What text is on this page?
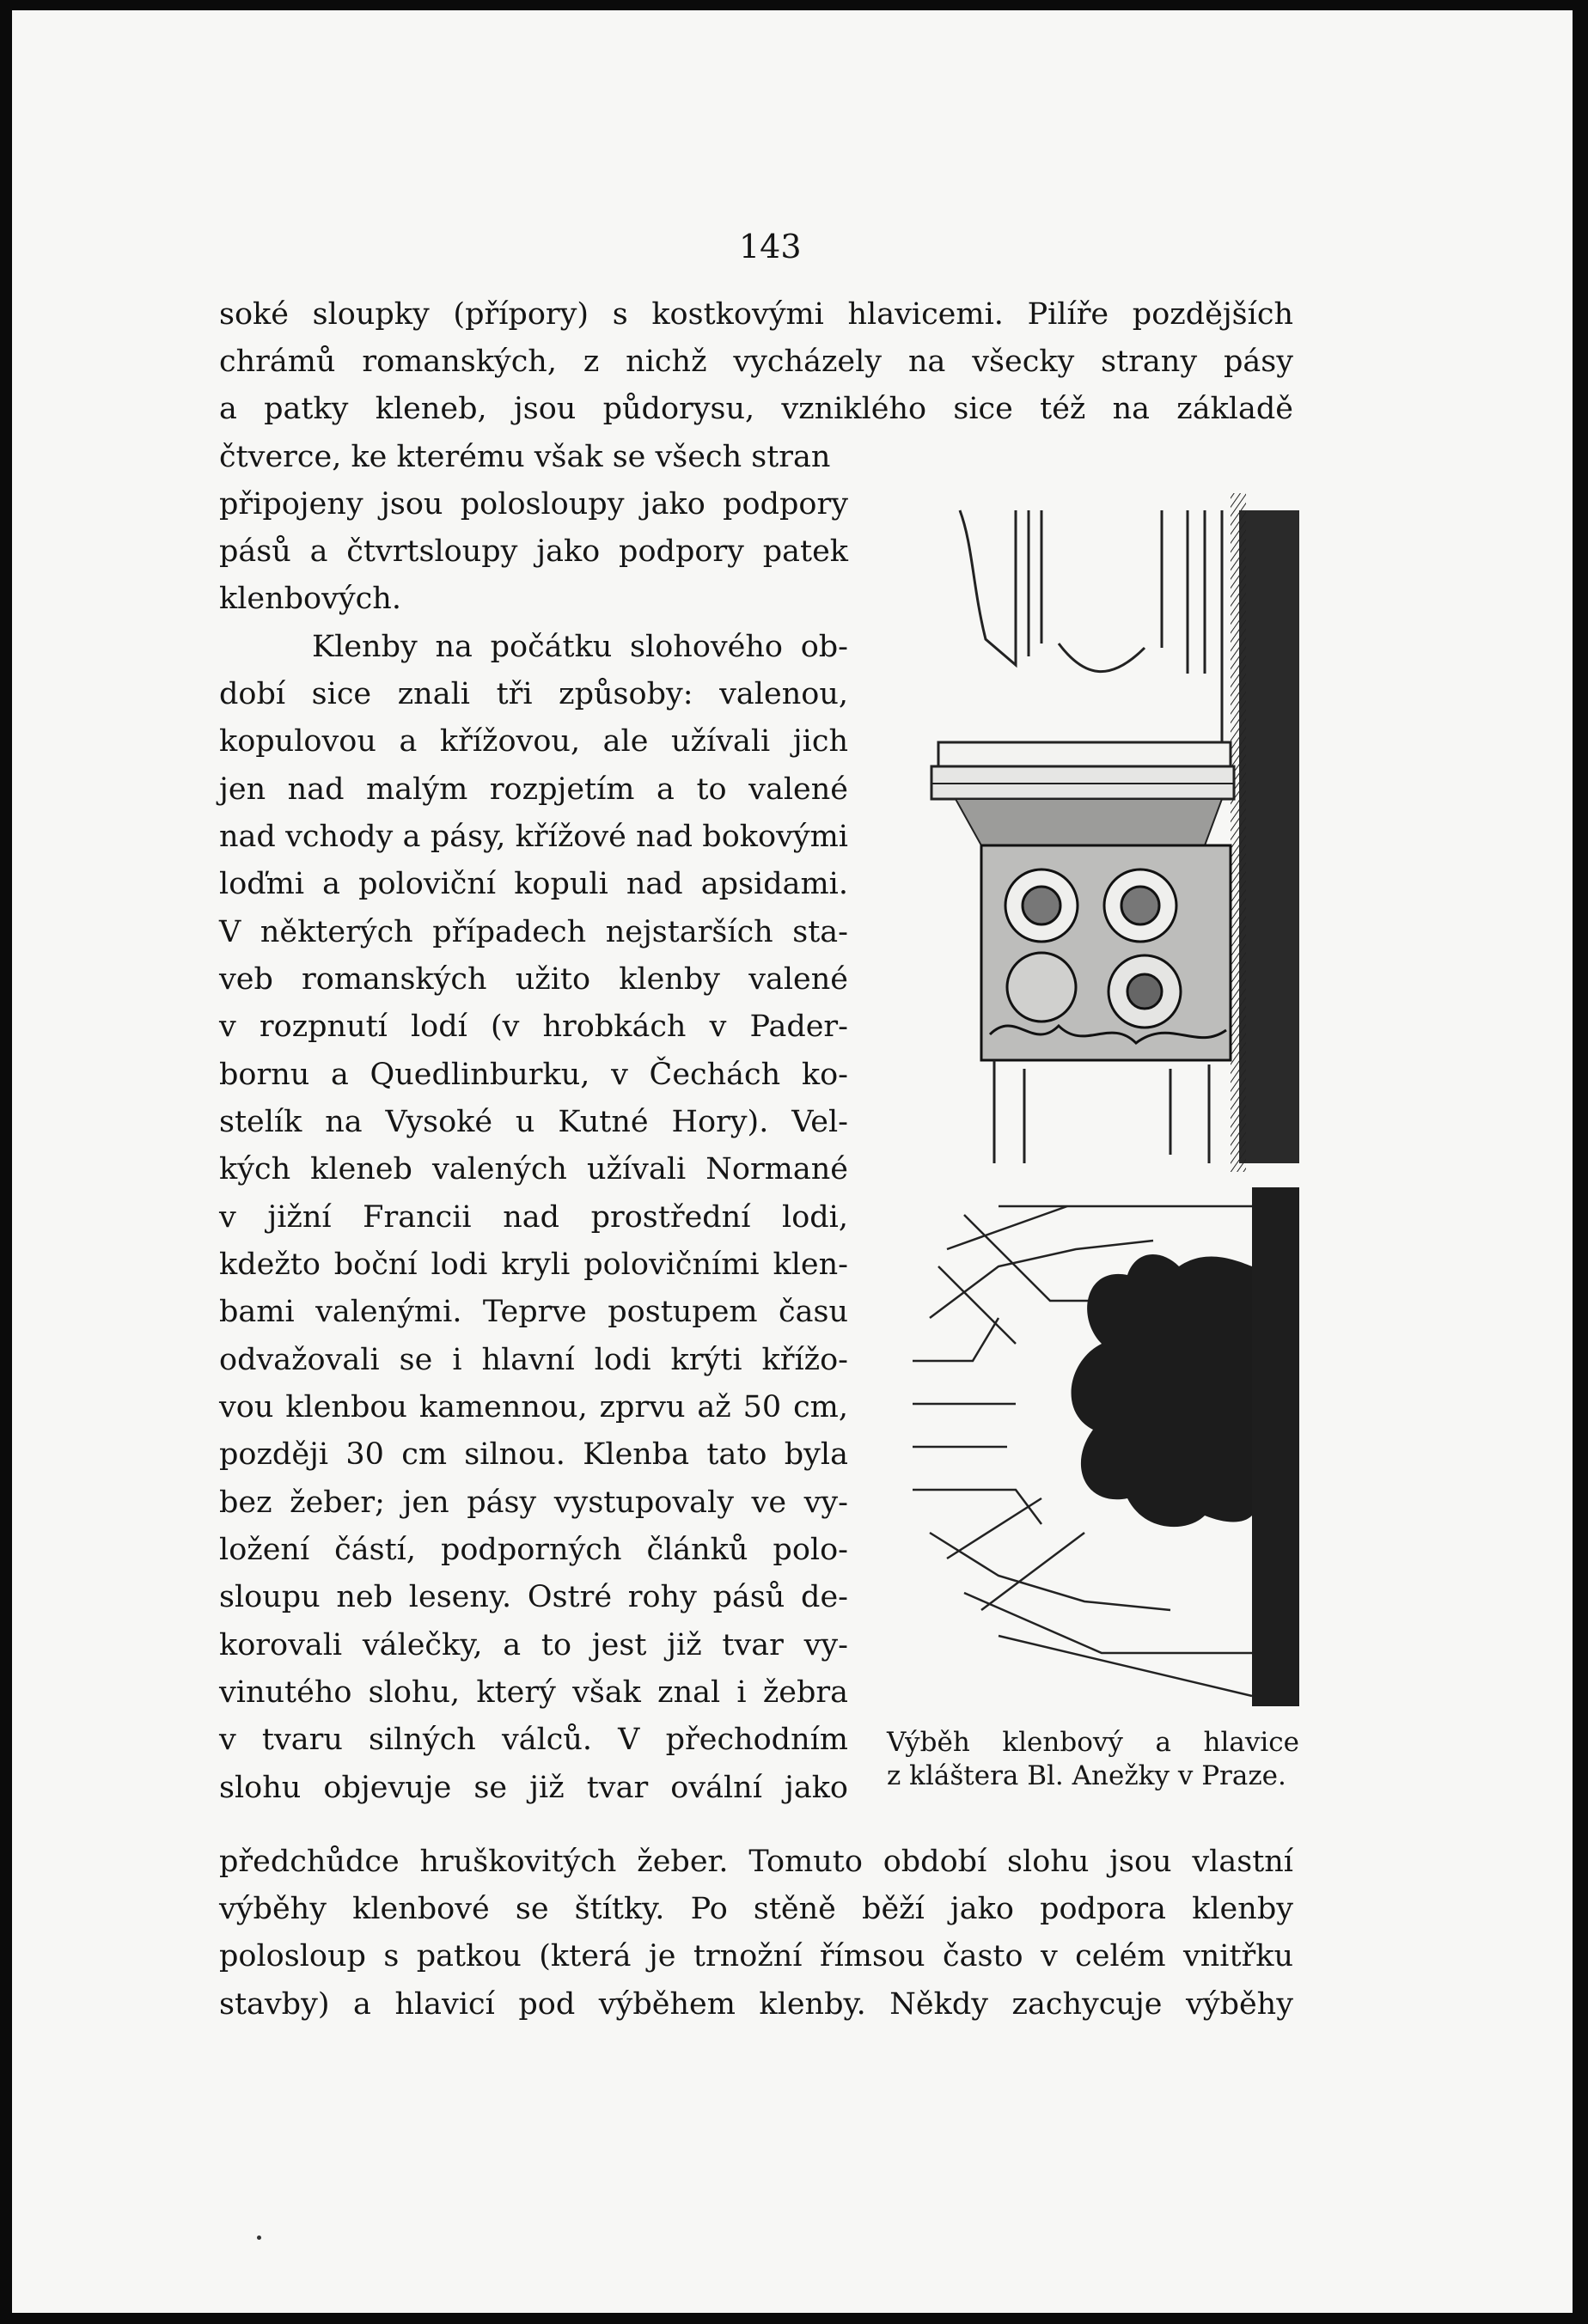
143
soké sloupky (přípory) s kostkovými hlavicemi. Pilíře pozdějších
chrámů romanských, z nichž vycházely na všecky strany pásy
a patky kleneb, jsou půdorysu, vzniklého sice též na základě
čtverce, ke kterému však se všech stran
připojeny jsou polosloupy jako podpory
pásů a čtvrtsloupy jako podpory patek
klenbových.
Klenby na počátku slohového ob-
dobí sice znali tři způsoby: valenou,
kopulovou a křížovou, ale užívali jich
jen nad malým rozpjetím a to valené
nad vchody a pásy, křížové nad bokovými
loďmi a poloviční kopuli nad apsidami.
V některých případech nejstarších sta-
veb romanských užito klenby valené
v rozpnutí lodí (v hrobkách v Pader-
bornu a Quedlinburku, v Čechách ko-
stelík na Vysoké u Kutné Hory). Vel-
kých kleneb valených užívali Normané
v jižní Francii nad prostřední lodi,
kdežto boční lodi kryli polovičními klen-
bami valenými. Teprve postupem času
odvažovali se i hlavní lodi krýti křížo-
vou klenbou kamennou, zprvu až 50 cm,
později 30 cm silnou. Klenba tato byla
bez žeber; jen pásy vystupovaly ve vy-
ložení částí, podporných článků polo-
sloupu neb leseny. Ostré rohy pásů de-
korovali válečky, a to jest již tvar vy-
vinutého slohu, který však znal i žebra
v tvaru silných válců. V přechodním
slohu objevuje se již tvar ovální jako
předchůdce hruškovitých žeber. Tomuto období slohu jsou vlastní
výběhy klenbové se štítky. Po stěně běží jako podpora klenby
polosloup s patkou (která je trnožní římsou často v celém vnitřku
stavby) a hlavicí pod výběhem klenby. Někdy zachycuje výběhy
Výběh klenbový a hlavice
z kláštera Bl. Anežky v Praze.
